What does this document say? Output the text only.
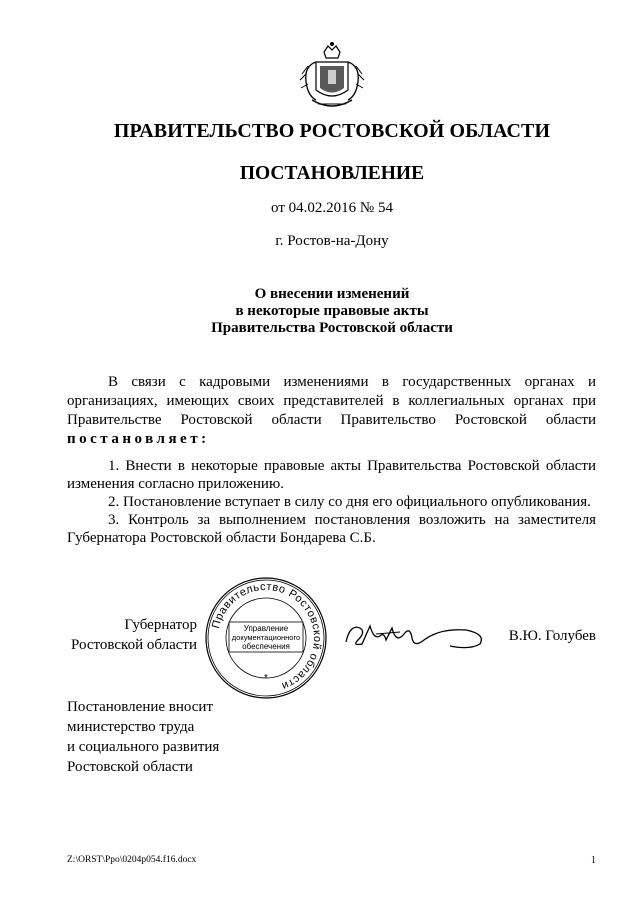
ПРАВИТЕЛЬСТВО РОСТОВСКОЙ ОБЛАСТИ
ПОСТАНОВЛЕНИЕ
от 04.02.2016 № 54
г. Ростов-на-Дону
О внесении изменений
в некоторые правовые акты
Правительства Ростовской области
В связи с кадровыми изменениями в государственных органах и организациях, имеющих своих представителей в коллегиальных органах при Правительстве Ростовской области Правительство Ростовской области постановляет:

1. Внести в некоторые правовые акты Правительства Ростовской области изменения согласно приложению.

2. Постановление вступает в силу со дня его официального опубликования.

3. Контроль за выполнением постановления возложить на заместителя Губернатора Ростовской области Бондарева С.Б.

Губернатор
Ростовской области
Правительство Ростовской области
Управление
документационного
обеспечения
*
В.Ю. Голубев
Постановление вносит
министерство труда
и социального развития
Ростовской области
Z:\ORST\Ppo\0204p054.f16.docx	1
